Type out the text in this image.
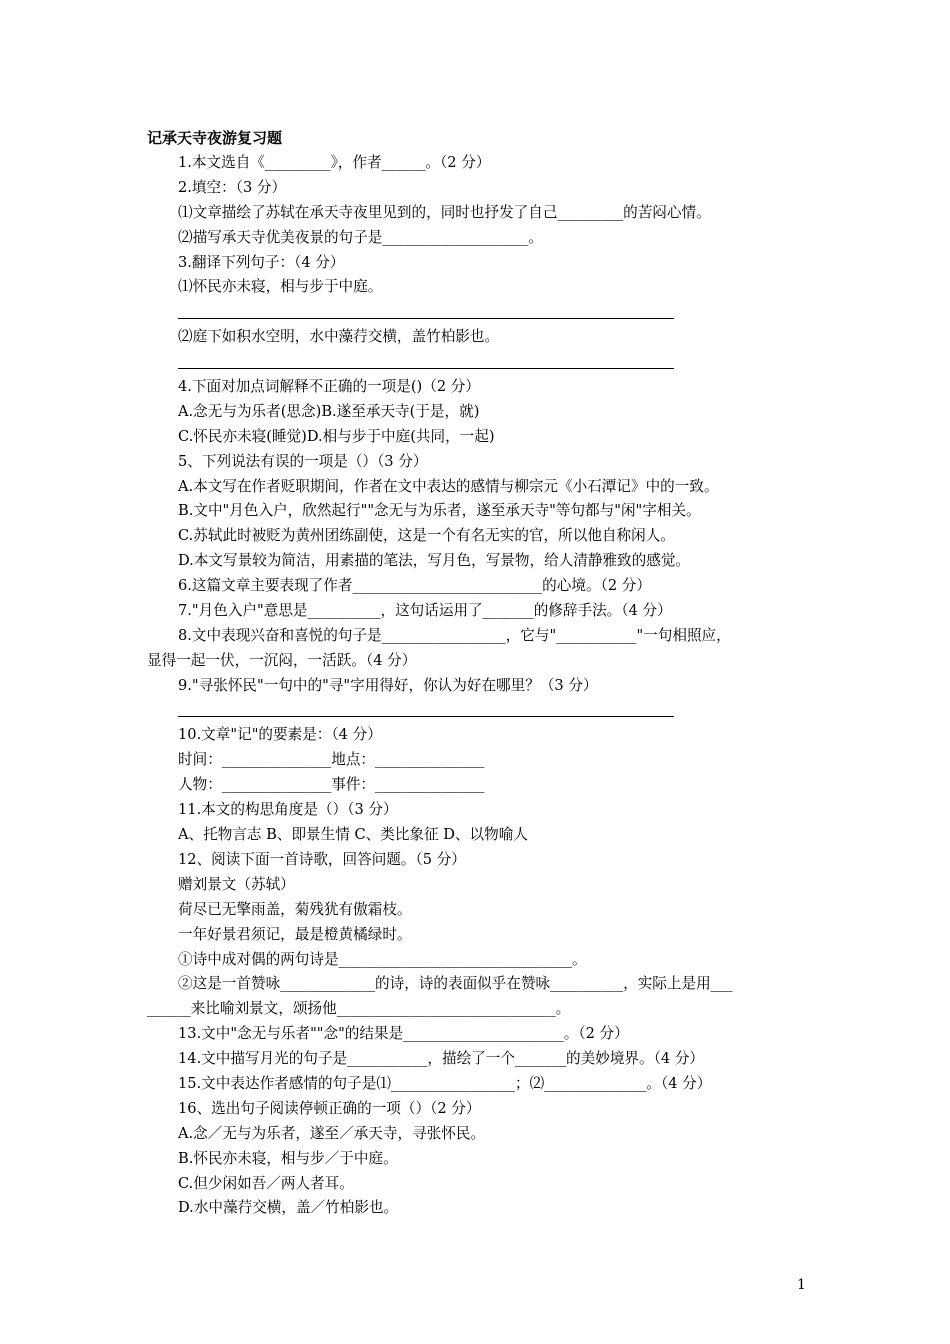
记承天寺夜游复习题
1.本文选自《_________》，作者______。（2 分）
2.填空：（3 分）
⑴文章描绘了苏轼在承天寺夜里见到的，同时也抒发了自己_________的苦闷心情。
⑵描写承天寺优美夜景的句子是____________________。
3.翻译下列句子：（4 分）
⑴怀民亦未寝，相与步于中庭。
⑵庭下如积水空明，水中藻荇交横，盖竹柏影也。
4.下面对加点词解释不正确的一项是()（2 分）
A.念无与为乐者(思念)B.遂至承天寺(于是，就)
C.怀民亦未寝(睡觉)D.相与步于中庭(共同，一起)
5、下列说法有误的一项是（）（3 分）
A.本文写在作者贬职期间，作者在文中表达的感情与柳宗元《小石潭记》中的一致。
B.文中"月色入户，欣然起行""念无与为乐者，遂至承天寺"等句都与"闲"字相关。
C.苏轼此时被贬为黄州团练副使，这是一个有名无实的官，所以他自称闲人。
D.本文写景较为简洁，用素描的笔法，写月色，写景物，给人清静雅致的感觉。
6.这篇文章主要表现了作者__________________________的心境。（2 分）
7."月色入户"意思是__________，这句话运用了_______的修辞手法。（4 分）
8.文中表现兴奋和喜悦的句子是_________________，它与"___________"一句相照应，
显得一起一伏，一沉闷，一活跃。（4 分）
9."寻张怀民"一句中的"寻"字用得好，你认为好在哪里？（3 分）
10.文章"记"的要素是：（4 分）
时间：_______________地点：_______________
人物：_______________事件：_______________
11.本文的构思角度是（）（3 分）
A、托物言志 B、即景生情 C、类比象征 D、以物喻人
12、阅读下面一首诗歌，回答问题。（5 分）
赠刘景文（苏轼）
荷尽已无擎雨盖，菊残犹有傲霜枝。
一年好景君须记，最是橙黄橘绿时。
①诗中成对偶的两句诗是________________________________。
②这是一首赞咏_____________的诗，诗的表面似乎在赞咏__________，实际上是用___
______来比喻刘景文，颂扬他______________________________。
13.文中"念无与乐者""念"的结果是______________________。（2 分）
14.文中描写月光的句子是___________，描绘了一个_______的美妙境界。（4 分）
15.文中表达作者感情的句子是⑴_________________；⑵______________。（4 分）
16、选出句子阅读停顿正确的一项（）（2 分）
A.念／无与为乐者，遂至／承天寺，寻张怀民。
B.怀民亦未寝，相与步／于中庭。
C.但少闲如吾／两人者耳。
D.水中藻荇交横，盖／竹柏影也。
1
